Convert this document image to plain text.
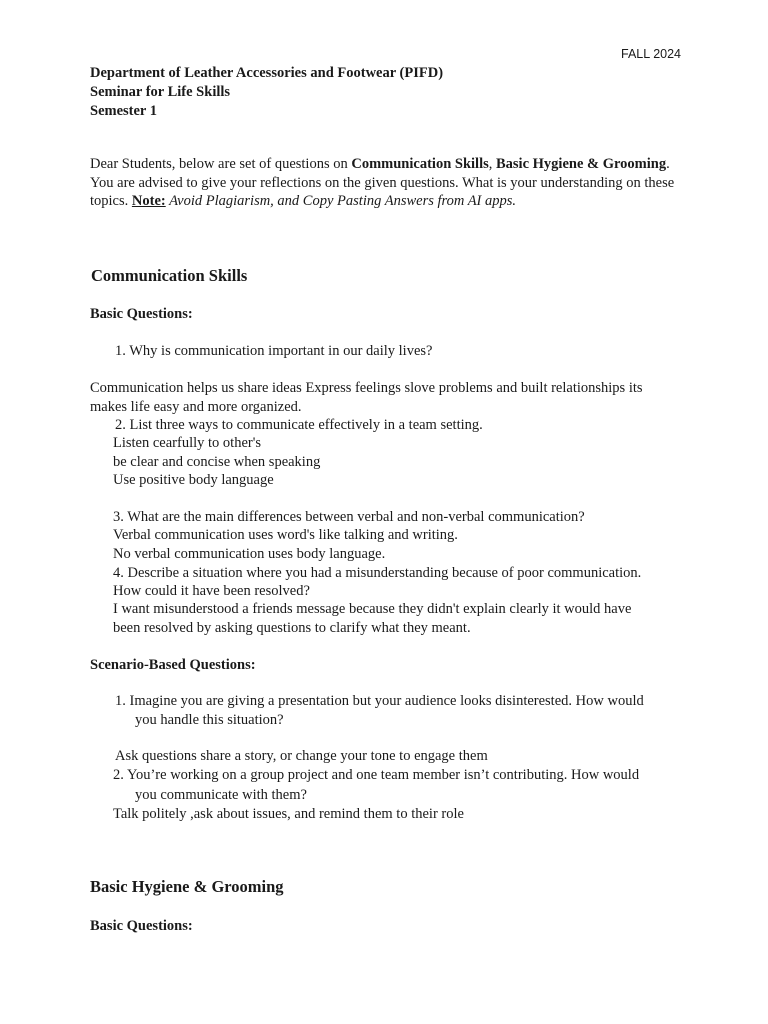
FALL 2024
Department of Leather Accessories and Footwear (PIFD)
Seminar for Life Skills
Semester 1
Dear Students, below are set of questions on Communication Skills, Basic Hygiene & Grooming. You are advised to give your reflections on the given questions. What is your understanding on these topics. Note: Avoid Plagiarism, and Copy Pasting Answers from AI apps.
Communication Skills
Basic Questions:
1. Why is communication important in our daily lives?
Communication helps us share ideas Express feelings slove problems and built relationships its
makes life easy and more organized.
2. List three ways to communicate effectively in a team setting.
Listen cearfully to other's
be clear and concise when speaking
Use positive body language
3. What are the main differences between verbal and non-verbal communication?
Verbal communication uses word's like talking and writing.
No verbal communication uses body language.
4. Describe a situation where you had a misunderstanding because of poor communication.
How could it have been resolved?
I want misunderstood a friends message because they didn't explain clearly it would have
been resolved by asking questions to clarify what they meant.
Scenario-Based Questions:
1. Imagine you are giving a presentation but your audience looks disinterested. How would
you handle this situation?
Ask questions share a story, or change your tone to engage them
2. You’re working on a group project and one team member isn’t contributing. How would
you communicate with them?
Talk politely ,ask about issues, and remind them to their role
Basic Hygiene & Grooming
Basic Questions:
